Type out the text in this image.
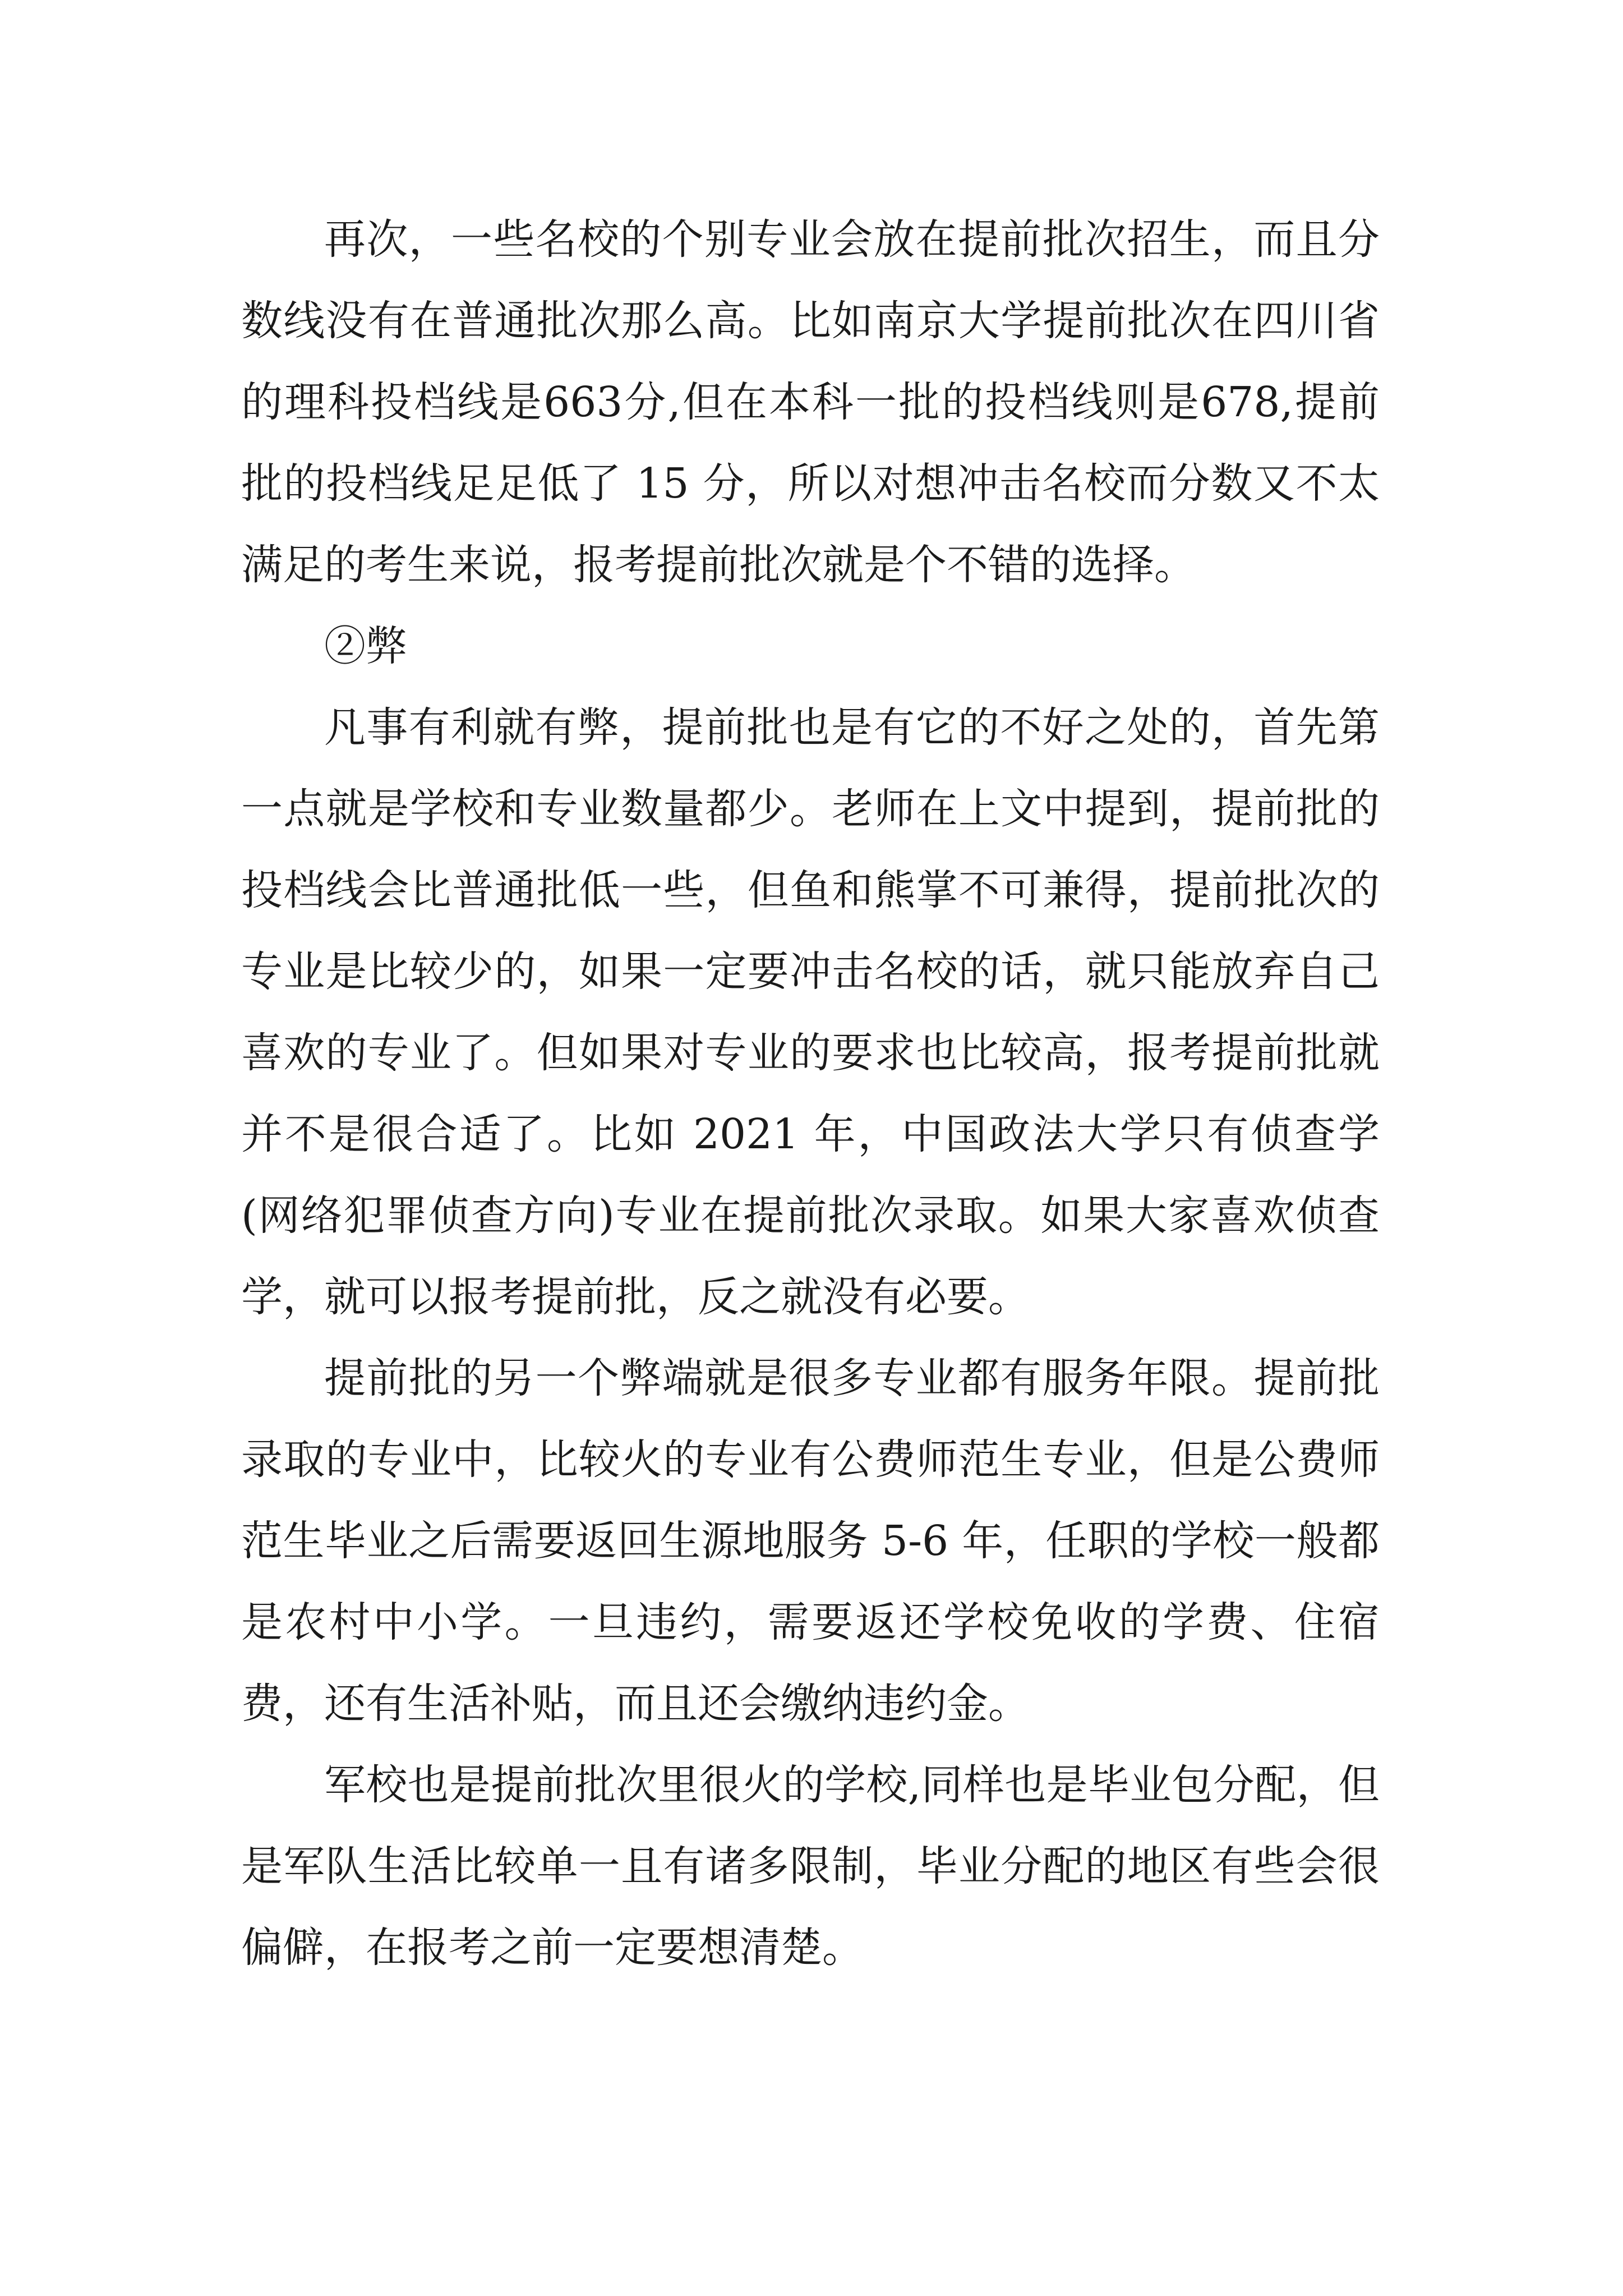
再次，一些名校的个别专业会放在提前批次招生，而且分数线没有在普通批次那么高。比如南京大学提前批次在四川省的理科投档线是663分,但在本科一批的投档线则是678,提前批的投档线足足低了 15 分，所以对想冲击名校而分数又不太满足的考生来说，报考提前批次就是个不错的选择。

②弊

凡事有利就有弊，提前批也是有它的不好之处的，首先第一点就是学校和专业数量都少。老师在上文中提到，提前批的投档线会比普通批低一些，但鱼和熊掌不可兼得，提前批次的专业是比较少的，如果一定要冲击名校的话，就只能放弃自己喜欢的专业了。但如果对专业的要求也比较高，报考提前批就并不是很合适了。比如 2021 年，中国政法大学只有侦查学(网络犯罪侦查方向)专业在提前批次录取。如果大家喜欢侦查学，就可以报考提前批，反之就没有必要。

提前批的另一个弊端就是很多专业都有服务年限。提前批录取的专业中，比较火的专业有公费师范生专业，但是公费师范生毕业之后需要返回生源地服务 5-6 年，任职的学校一般都是农村中小学。一旦违约，需要返还学校免收的学费、住宿费，还有生活补贴，而且还会缴纳违约金。

军校也是提前批次里很火的学校,同样也是毕业包分配，但是军队生活比较单一且有诸多限制，毕业分配的地区有些会很偏僻，在报考之前一定要想清楚。
